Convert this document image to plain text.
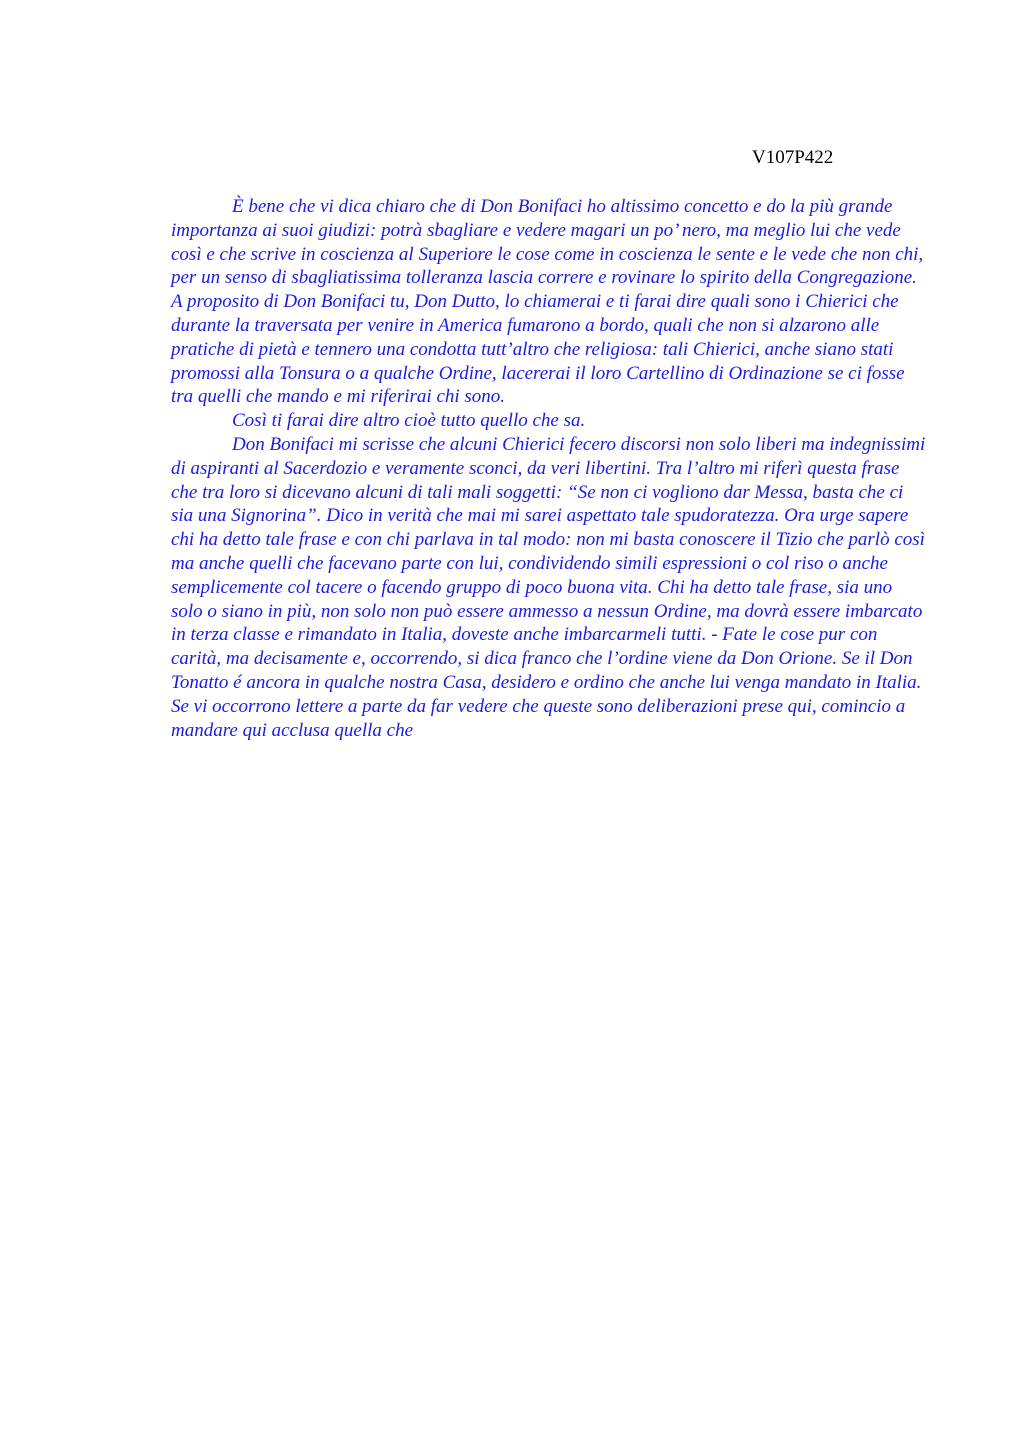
V107P422

È bene che vi dica chiaro che di Don Bonifaci ho altissimo concetto e do la più grande importanza ai suoi giudizi: potrà sbagliare e vedere magari un po’ nero, ma meglio lui che vede così e che scrive in coscienza al Superiore le cose come in coscienza le sente e le vede che non chi, per un senso di sbagliatissima tolleranza lascia correre e rovinare lo spirito della Congregazione. A proposito di Don Bonifaci tu, Don Dutto, lo chiamerai e ti farai dire quali sono i Chierici che durante la traversata per venire in America fumarono a bordo, quali che non si alzarono alle pratiche di pietà e tennero una condotta tutt’altro che religiosa: tali Chierici, anche siano stati promossi alla Tonsura o a qualche Ordine, lacererai il loro Cartellino di Ordinazione se ci fosse tra quelli che mando e mi riferirai chi sono.

Così ti farai dire altro cioè tutto quello che sa.

Don Bonifaci mi scrisse che alcuni Chierici fecero discorsi non solo liberi ma indegnissimi di aspiranti al Sacerdozio e veramente sconci, da veri libertini. Tra l’altro mi riferì questa frase che tra loro si dicevano alcuni di tali mali soggetti: “Se non ci vogliono dar Messa, basta che ci sia una Signorina”. Dico in verità che mai mi sarei aspettato tale spudoratezza. Ora urge sapere chi ha detto tale frase e con chi parlava in tal modo: non mi basta conoscere il Tizio che parlò così ma anche quelli che facevano parte con lui, condividendo simili espressioni o col riso o anche semplicemente col tacere o facendo gruppo di poco buona vita. Chi ha detto tale frase, sia uno solo o siano in più, non solo non può essere ammesso a nessun Ordine, ma dovrà essere imbarcato in terza classe e rimandato in Italia, doveste anche imbarcarmeli tutti. - Fate le cose pur con carità, ma decisamente e, occorrendo, si dica franco che l’ordine viene da Don Orione. Se il Don Tonatto é ancora in qualche nostra Casa, desidero e ordino che anche lui venga mandato in Italia. Se vi occorrono lettere a parte da far vedere che queste sono deliberazioni prese qui, comincio a mandare qui acclusa quella che
